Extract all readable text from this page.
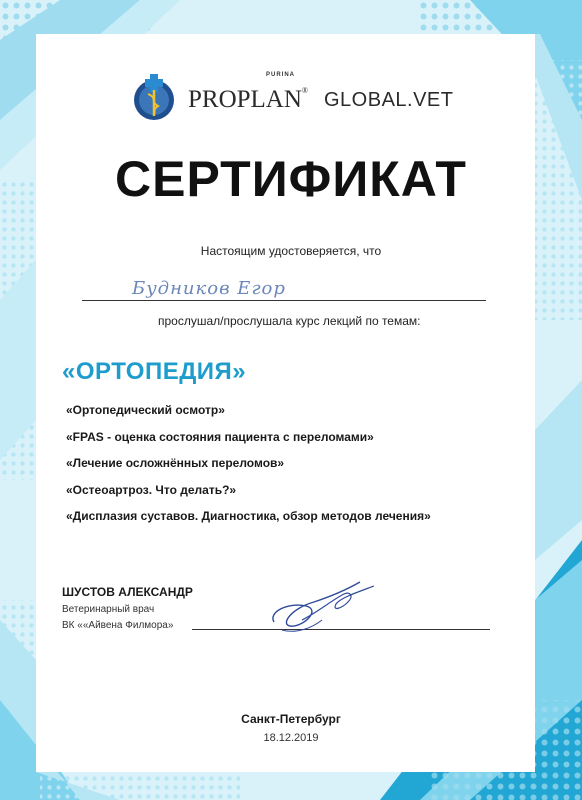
PURINA
PROPLAN® GLOBAL.VET
СЕРТИФИКАТ
Настоящим удостоверяется, что
Будников Егор
прослушал/прослушала курс лекций по темам:
«ОРТОПЕДИЯ»
«Ортопедический осмотр»
«FPAS - оценка состояния пациента с переломами»
«Лечение осложнённых переломов»
«Остеоартроз. Что делать?»
«Диспл​азия суставов. Диагностика, обзор методов лечения»
ШУСТОВ АЛЕКСАНДР
Ветеринарный врач
ВК ««Айвена Филмора»
Санкт-Петербург
18.12.2019
